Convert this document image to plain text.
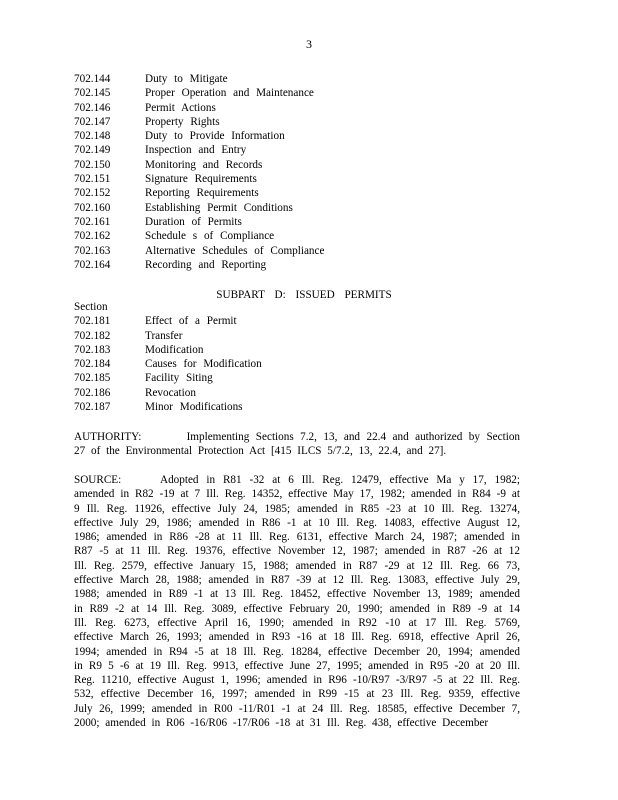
3
702.144	Duty to Mitigate
702.145	Proper Operation and Maintenance
702.146	Permit Actions
702.147	Property Rights
702.148	Duty to Provide Information
702.149	Inspection and Entry
702.150	Monitoring and Records
702.151	Signature Requirements
702.152	Reporting Requirements
702.160	Establishing Permit Conditions
702.161	Duration of Permits
702.162	Schedule s of Compliance
702.163	Alternative Schedules of Compliance
702.164	Recording and Reporting
SUBPART D: ISSUED PERMITS
Section
702.181	Effect of a Permit
702.182	Transfer
702.183	Modification
702.184	Causes for Modification
702.185	Facility Siting
702.186	Revocation
702.187	Minor Modifications
AUTHORITY:	Implementing Sections 7.2, 13, and 22.4 and authorized by Section 27 of the Environmental Protection Act [415 ILCS 5/7.2, 13, 22.4, and 27].
SOURCE:	Adopted in R81 -32 at 6 Ill. Reg. 12479, effective Ma y 17, 1982; amended in R82 -19 at 7 Ill. Reg. 14352, effective May 17, 1982; amended in R84 -9 at 9 Ill. Reg. 11926, effective July 24, 1985; amended in R85 -23 at 10 Ill. Reg. 13274, effective July 29, 1986; amended in R86 -1 at 10 Ill. Reg. 14083, effective August 12, 1986; amended in R86 -28 at 11 Ill. Reg. 6131, effective March 24, 1987; amended in R87 -5 at 11 Ill. Reg. 19376, effective November 12, 1987; amended in R87 -26 at 12 Ill. Reg. 2579, effective January 15, 1988; amended in R87 -29 at 12 Ill. Reg. 66 73, effective March 28, 1988; amended in R87 -39 at 12 Ill. Reg. 13083, effective July 29, 1988; amended in R89 -1 at 13 Ill. Reg. 18452, effective November 13, 1989; amended in R89 -2 at 14 Ill. Reg. 3089, effective February 20, 1990; amended in R89 -9 at 14 Ill. Reg. 6273, effective April 16, 1990; amended in R92 -10 at 17 Ill. Reg. 5769, effective March 26, 1993; amended in R93 -16 at 18 Ill. Reg. 6918, effective April 26, 1994; amended in R94 -5 at 18 Ill. Reg. 18284, effective December 20, 1994; amended in R9 5 -6 at 19 Ill. Reg. 9913, effective June 27, 1995; amended in R95 -20 at 20 Ill. Reg. 11210, effective August 1, 1996; amended in R96 -10/R97 -3/R97 -5 at 22 Ill. Reg. 532, effective December 16, 1997; amended in R99 -15 at 23 Ill. Reg. 9359, effective July 26, 1999; amended in R00 -11/R01 -1 at 24 Ill. Reg. 18585, effective December 7, 2000; amended in R06 -16/R06 -17/R06 -18 at 31 Ill. Reg. 438, effective December
